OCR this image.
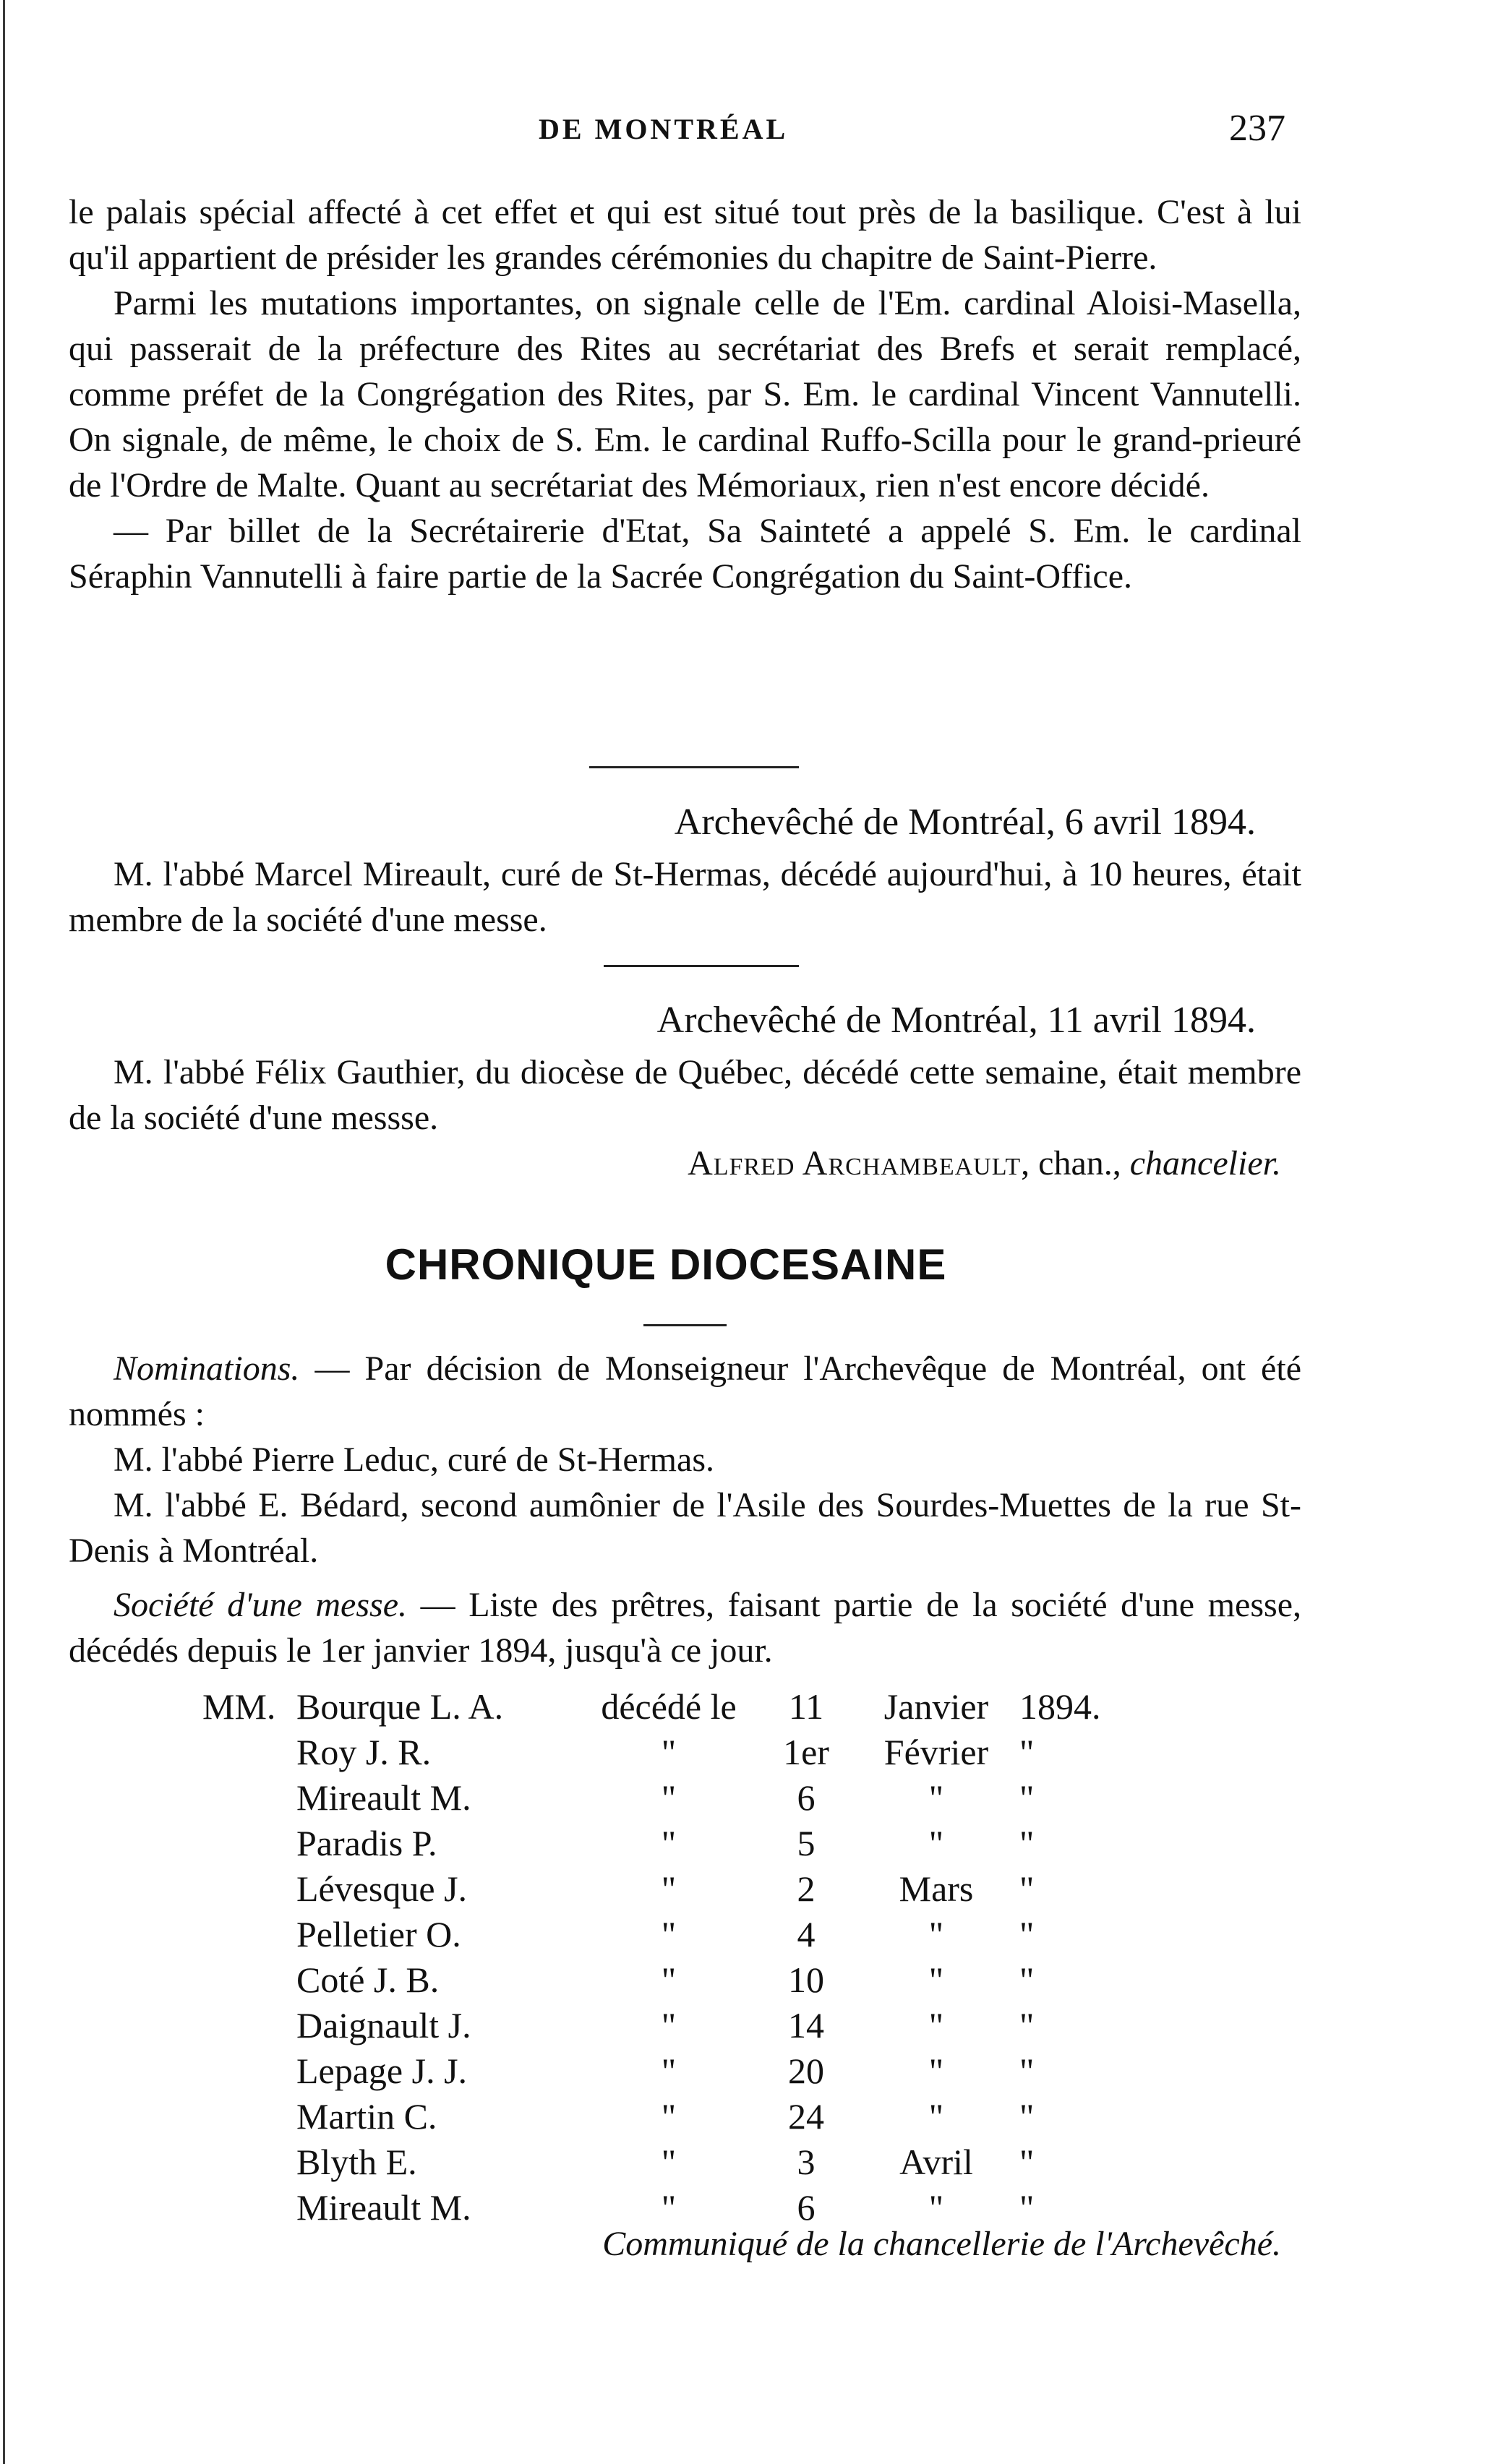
DE MONTRÉAL	237

le palais spécial affecté à cet effet et qui est situé tout près de la basilique. C'est à lui qu'il appartient de présider les grandes cérémonies du chapitre de Saint-Pierre.

Parmi les mutations importantes, on signale celle de l'Em. cardinal Aloisi-Masella, qui passerait de la préfecture des Rites au secrétariat des Brefs et serait remplacé, comme préfet de la Congrégation des Rites, par S. Em. le cardinal Vincent Vannutelli. On signale, de même, le choix de S. Em. le cardinal Ruffo-Scilla pour le grand-prieuré de l'Ordre de Malte. Quant au secrétariat des Mémoriaux, rien n'est encore décidé.

— Par billet de la Secrétairerie d'Etat, Sa Sainteté a appelé S. Em. le cardinal Séraphin Vannutelli à faire partie de la Sacrée Congrégation du Saint-Office.

Archevêché de Montréal, 6 avril 1894.

M. l'abbé Marcel Mireault, curé de St-Hermas, décédé aujourd'hui, à 10 heures, était membre de la société d'une messe.

Archevêché de Montréal, 11 avril 1894.

M. l'abbé Félix Gauthier, du diocèse de Québec, décédé cette semaine, était membre de la société d'une messse.

Alfred Archambeault, chan., chancelier.
CHRONIQUE DIOCESAINE

Nominations. — Par décision de Monseigneur l'Archevêque de Montréal, ont été nommés :

M. l'abbé Pierre Leduc, curé de St-Hermas.

M. l'abbé E. Bédard, second aumônier de l'Asile des Sourdes-Muettes de la rue St-Denis à Montréal.

Société d'une messe. — Liste des prêtres, faisant partie de la société d'une messe, décédés depuis le 1er janvier 1894, jusqu'à ce jour.

MM.	Bourque L. A.	décédé le	11	Janvier	1894.
	Roy J. R.	"	1er	Février	"
	Mireault M.	"	6	"	"
	Paradis P.	"	5	"	"
	Lévesque J.	"	2	Mars	"
	Pelletier O.	"	4	"	"
	Coté J. B.	"	10	"	"
	Daignault J.	"	14	"	"
	Lepage J. J.	"	20	"	"
	Martin C.	"	24	"	"
	Blyth E.	"	3	Avril	"
	Mireault M.	"	6	"	"
Communiqué de la chancellerie de l'Archevêché.
